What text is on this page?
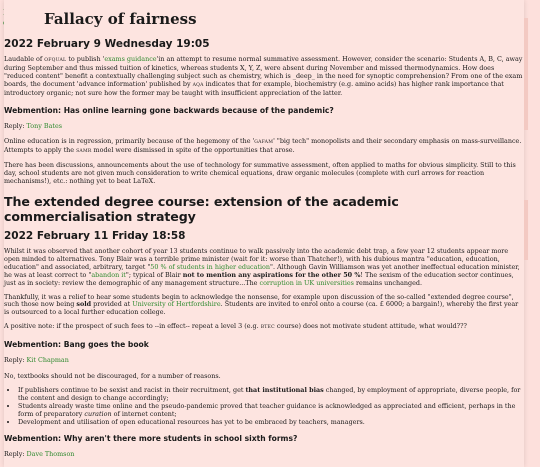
Fallacy of fairness
2022 February 9 Wednesday 19:05

Laudable of OFQUAL to publish 'exams guidance'in an attempt to resume normal summative assessment. However, consider the scenario: Students A, B, C, away during September and thus missed tuition of kinetics, whereas students X, Y, Z, were absent during November and missed thermodynamics. How does "reduced content" benefit a contextually challenging subject such as chemistry, which is _deep_ in the need for synoptic comprehension? From one of the exam boards, the document 'advance information' published by AQA indicates that for example, biochemistry (e.g. amino acids) has higher rank importance that introductory organic; not sure how the former may be taught with insufficient appreciation of the latter.

Webmention: Has online learning gone backwards because of the pandemic?

Reply: Tony Bates

Online education is in regression, primarily because of the hegemony of the 'GAFAM' "big tech" monopolists and their secondary emphasis on mass-surveillance. Attempts to apply the SAMR model were dismissed in spite of the opportunities that arose.

There has been discussions, announcements about the use of technology for summative assessment, often applied to maths for obvious simplicity. Still to this day, school students are not given much consideration to write chemical equations, draw organic molecules (complete with curl arrows for reaction mechanisms!), etc.: nothing yet to beat LaTeX.

The extended degree course: extension of the academic commercialisation strategy
2022 February 11 Friday 18:58

Whilst it was observed that another cohort of year 13 students continue to walk passively into the academic debt trap, a few year 12 students appear more open minded to alternatives. Tony Blair was a terrible prime minister (wait for it: worse than Thatcher!), with his dubious mantra "education, education, education" and associated, arbitrary, target "50 % of students in higher education". Although Gavin Williamson was yet another ineffectual education minister, he was at least correct to "abandon it"; typical of Blair not to mention any aspirations for the other 50 %! The sexism of the education sector continues, just as in society: review the demographic of any management structure...The corruption in UK universities remains unchanged.

Thankfully, it was a relief to hear some students begin to acknowledge the nonsense, for example upon discussion of the so-called "extended degree course", such those now being sold provided at University of Hertfordshire. Students are invited to enrol onto a course (ca. £ 6000; a bargain!), whereby the first year is outsourced to a local further education college.

A positive note: if the prospect of such fees to --in effect-- repeat a level 3 (e.g. BTEC course) does not motivate student attitude, what would???

Webmention: Bang goes the book

Reply: Kit Chapman

No, textbooks should not be discouraged, for a number of reasons.

• If publishers continue to be sexist and racist in their recruitment, get that institutional bias changed, by employment of appropriate, diverse people, for the content and design to change accordingly;
• Students already waste time online and the pseudo-pandemic proved that teacher guidance is acknowledged as appreciated and efficient, perhaps in the form of preparatory curation of internet content;
• Development and utilisation of open educational resources has yet to be embraced by teachers, managers.
Webmention: Why aren't there more students in school sixth forms?

Reply: Dave Thomson
